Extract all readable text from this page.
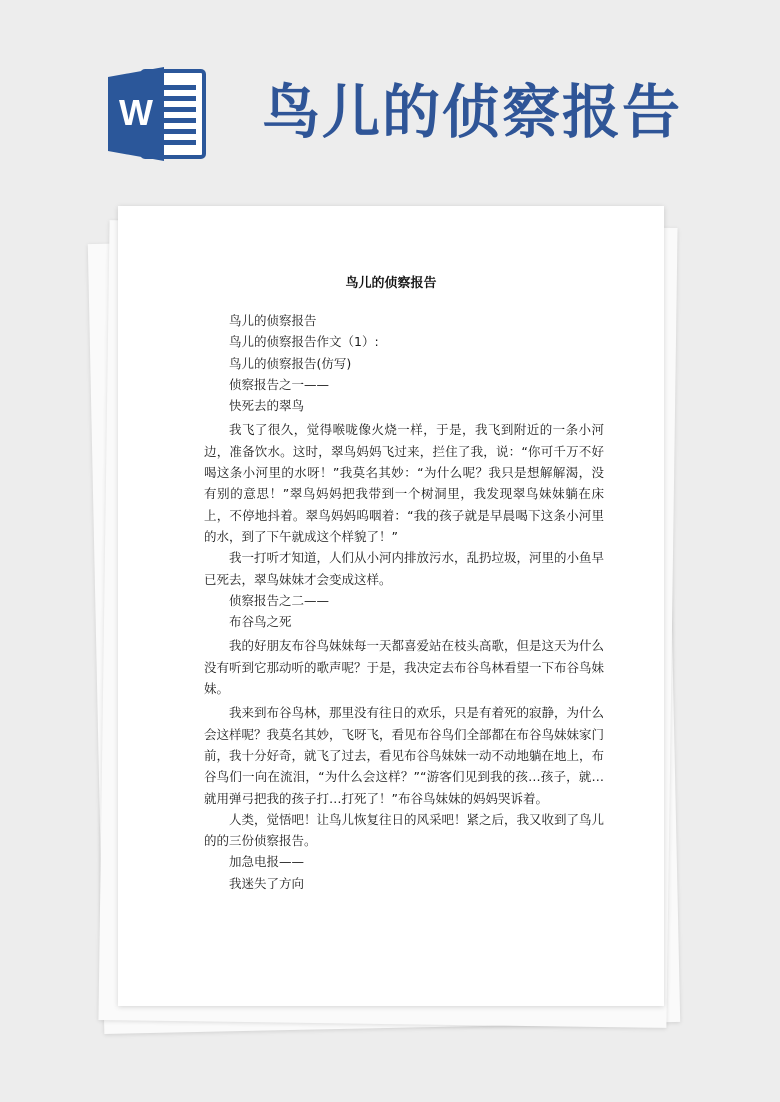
W 鸟儿的侦察报告
鸟儿的侦察报告

鸟儿的侦察报告

鸟儿的侦察报告作文（1）:

鸟儿的侦察报告(仿写)

侦察报告之一——

快死去的翠鸟

我飞了很久，觉得喉咙像火烧一样，于是，我飞到附近的一条小河边，准备饮水。这时，翠鸟妈妈飞过来，拦住了我，说：“你可千万不好喝这条小河里的水呀！”我莫名其妙：“为什么呢？我只是想解解渴，没有别的意思！”翠鸟妈妈把我带到一个树洞里，我发现翠鸟妹妹躺在床上，不停地抖着。翠鸟妈妈呜咽着：“我的孩子就是早晨喝下这条小河里的水，到了下午就成这个样貌了！”

我一打听才知道，人们从小河内排放污水，乱扔垃圾，河里的小鱼早已死去，翠鸟妹妹才会变成这样。

侦察报告之二——

布谷鸟之死

我的好朋友布谷鸟妹妹每一天都喜爱站在枝头高歌，但是这天为什么没有听到它那动听的歌声呢？于是，我决定去布谷鸟林看望一下布谷鸟妹妹。

我来到布谷鸟林，那里没有往日的欢乐，只是有着死的寂静，为什么会这样呢？我莫名其妙，飞呀飞，看见布谷鸟们全部都在布谷鸟妹妹家门前，我十分好奇，就飞了过去，看见布谷鸟妹妹一动不动地躺在地上，布谷鸟们一向在流泪，“为什么会这样？”“游客们见到我的孩…孩子，就…就用弹弓把我的孩子打…打死了！”布谷鸟妹妹的妈妈哭诉着。

人类，觉悟吧！让鸟儿恢复往日的风采吧！紧之后，我又收到了鸟儿的的三份侦察报告。

加急电报——

我迷失了方向
